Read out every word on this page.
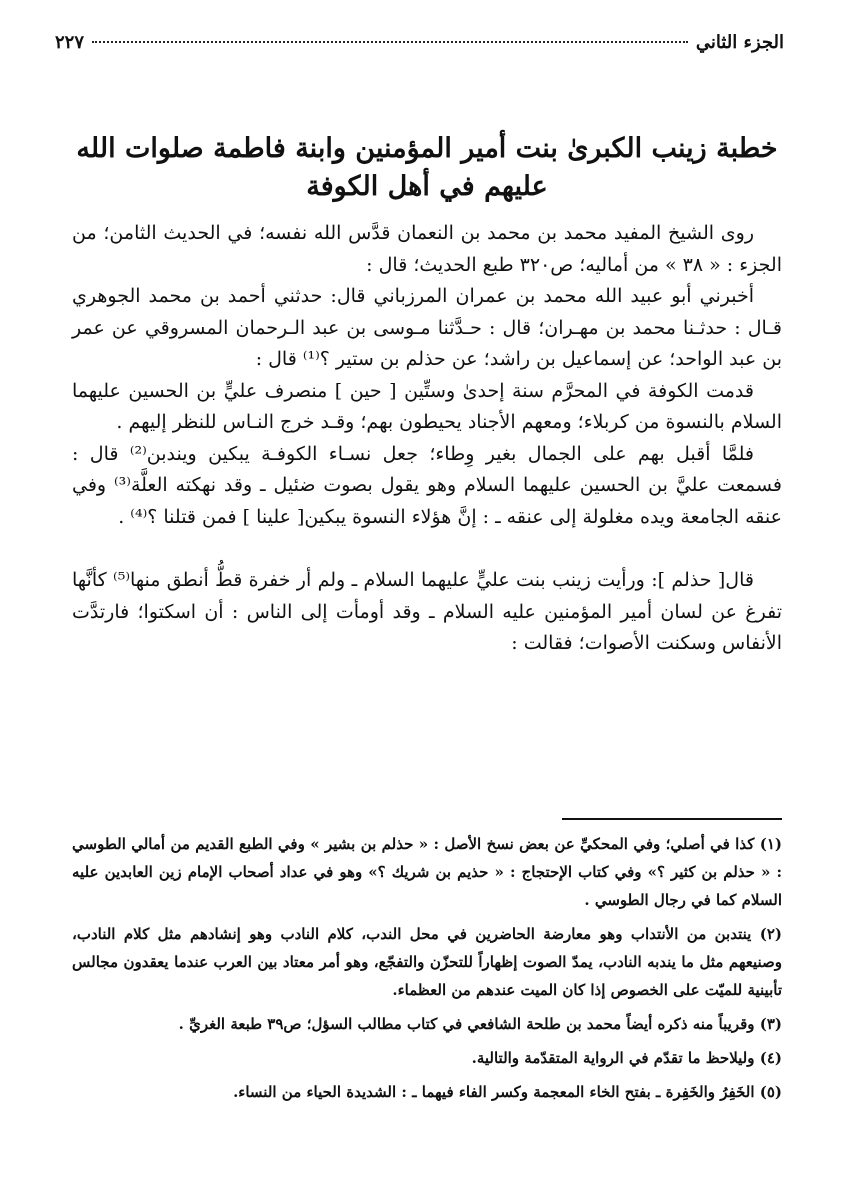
الجزء الثاني
٢٢٧
خطبة زينب الكبرىٰ بنت أمير المؤمنين وابنة فاطمة صلوات الله عليهم في أهل الكوفة

روى الشيخ المفيد محمد بن محمد بن النعمان قدَّس الله نفسه؛ في الحديث الثامن؛ من الجزء : « ٣٨ » من أماليه؛ ص٣٢٠ طبع الحديث؛ قال :

أخبرني أبو عبيد الله محمد بن عمران المرزباني قال: حدثني أحمد بن محمد الجوهري قـال : حدثـنا محمد بن مهـران؛ قال : حـدَّثنا مـوسى بن عبد الـرحمان المسروقي عن عمر بن عبد الواحد؛ عن إسماعيل بن راشد؛ عن حذلم بن ستير ؟⁽¹⁾ قال :

قدمت الكوفة في المحرَّم سنة إحدىٰ وستِّين [ حين ] منصرف عليٍّ بن الحسين عليهما السلام بالنسوة من كربلاء؛ ومعهم الأجناد يحيطون بهم؛ وقـد خرج النـاس للنظر إليهم .

فلمَّا أقبل بهم على الجمال بغير وِطاء؛ جعل نسـاء الكوفـة يبكين ويندبن⁽²⁾ قال : فسمعت عليَّ بن الحسين عليهما السلام وهو يقول بصوت ضئيل ـ وقد نهكته العلَّة⁽³⁾ وفي عنقه الجامعة ويده مغلولة إلى عنقه ـ : إنَّ هؤلاء النسوة يبكين[ علينا ] فمن قتلنا ؟⁽⁴⁾ .

قال[ حذلم ]: ورأيت زينب بنت عليٍّ عليهما السلام ـ ولم أر خفرة قطُّ أنطق منها⁽⁵⁾ كأنَّها تفرغ عن لسان أمير المؤمنين عليه السلام ـ وقد أومأت إلى الناس : أن اسكتوا؛ فارتدَّت الأنفاس وسكنت الأصوات؛ فقالت :

(١) كذا في أصلي؛ وفي المحكيِّ عن بعض نسخ الأصل : « حذلم بن بشير » وفي الطبع القديم من أمالي الطوسي : « حذلم بن كثير ؟» وفي كتاب الإحتجاج : « حذيم بن شريك ؟» وهو في عداد أصحاب الإمام زين العابدين عليه السلام كما في رجال الطوسي .

(٢) ينتدبن من الأنتداب وهو معارضة الحاضرين في محل الندب، كلام النادب وهو إنشادهم مثل كلام النادب، وصنيعهم مثل ما يندبه النادب، يمدّ الصوت إظهاراً للتحزّن والتفجّع، وهو أمر معتاد بين العرب عندما يعقدون مجالس تأبينية للميّت على الخصوص إذا كان الميت عندهم من العظماء.

(٣) وقريباً منه ذكره أيضاً محمد بن طلحة الشافعي في كتاب مطالب السؤل؛ ص٣٩ طبعة الغريِّ .

(٤) وليلاحظ ما تقدّم في الرواية المتقدّمة والتالية.

(٥) الخَفِرُ والخَفِرة ـ بفتح الخاء المعجمة وكسر الفاء فيهما ـ : الشديدة الحياء من النساء.
